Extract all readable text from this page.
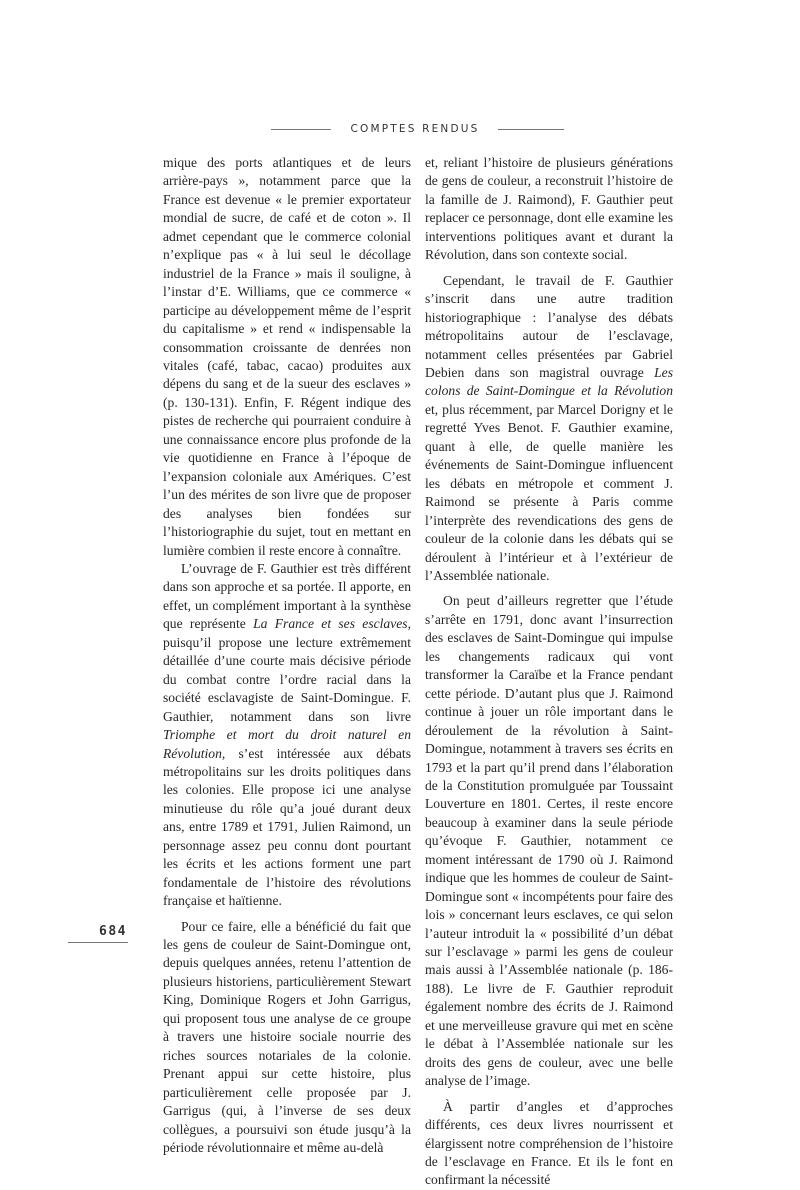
COMPTES RENDUS

mique des ports atlantiques et de leurs arrière-pays », notamment parce que la France est devenue « le premier exportateur mondial de sucre, de café et de coton ». Il admet cependant que le commerce colonial n’explique pas « à lui seul le décollage industriel de la France » mais il souligne, à l’instar d’E. Williams, que ce commerce « participe au développement même de l’esprit du capitalisme » et rend « indispensable la consommation croissante de denrées non vitales (café, tabac, cacao) produites aux dépens du sang et de la sueur des esclaves » (p. 130-131). Enfin, F. Régent indique des pistes de recherche qui pourraient conduire à une connaissance encore plus profonde de la vie quotidienne en France à l’époque de l’expansion coloniale aux Amériques. C’est l’un des mérites de son livre que de proposer des analyses bien fondées sur l’historiographie du sujet, tout en mettant en lumière combien il reste encore à connaître.

L’ouvrage de F. Gauthier est très différent dans son approche et sa portée. Il apporte, en effet, un complément important à la synthèse que représente La France et ses esclaves, puisqu’il propose une lecture extrêmement détaillée d’une courte mais décisive période du combat contre l’ordre racial dans la société esclavagiste de Saint-Domingue. F. Gauthier, notamment dans son livre Triomphe et mort du droit naturel en Révolution, s’est intéressée aux débats métropolitains sur les droits politiques dans les colonies. Elle propose ici une analyse minutieuse du rôle qu’a joué durant deux ans, entre 1789 et 1791, Julien Raimond, un personnage assez peu connu dont pourtant les écrits et les actions forment une part fondamentale de l’histoire des révolutions française et haïtienne.

Pour ce faire, elle a bénéficié du fait que les gens de couleur de Saint-Domingue ont, depuis quelques années, retenu l’attention de plusieurs historiens, particulièrement Stewart King, Dominique Rogers et John Garrigus, qui proposent tous une analyse de ce groupe à travers une histoire sociale nourrie des riches sources notariales de la colonie. Prenant appui sur cette histoire, plus particulièrement celle proposée par J. Garrigus (qui, à l’inverse de ses deux collègues, a poursuivi son étude jusqu’à la période révolutionnaire et même au-delà

et, reliant l’histoire de plusieurs générations de gens de couleur, a reconstruit l’histoire de la famille de J. Raimond), F. Gauthier peut replacer ce personnage, dont elle examine les interventions politiques avant et durant la Révolution, dans son contexte social.

Cependant, le travail de F. Gauthier s’inscrit dans une autre tradition historiographique : l’analyse des débats métropolitains autour de l’esclavage, notamment celles présentées par Gabriel Debien dans son magistral ouvrage Les colons de Saint-Domingue et la Révolution et, plus récemment, par Marcel Dorigny et le regretté Yves Benot. F. Gauthier examine, quant à elle, de quelle manière les événements de Saint-Domingue influencent les débats en métropole et comment J. Raimond se présente à Paris comme l’interprète des revendications des gens de couleur de la colonie dans les débats qui se déroulent à l’intérieur et à l’extérieur de l’Assemblée nationale.

On peut d’ailleurs regretter que l’étude s’arrête en 1791, donc avant l’insurrection des esclaves de Saint-Domingue qui impulse les changements radicaux qui vont transformer la Caraïbe et la France pendant cette période. D’autant plus que J. Raimond continue à jouer un rôle important dans le déroulement de la révolution à Saint-Domingue, notamment à travers ses écrits en 1793 et la part qu’il prend dans l’élaboration de la Constitution promulguée par Toussaint Louverture en 1801. Certes, il reste encore beaucoup à examiner dans la seule période qu’évoque F. Gauthier, notamment ce moment intéressant de 1790 où J. Raimond indique que les hommes de couleur de Saint-Domingue sont « incompétents pour faire des lois » concernant leurs esclaves, ce qui selon l’auteur introduit la « possibilité d’un débat sur l’esclavage » parmi les gens de couleur mais aussi à l’Assemblée nationale (p. 186-188). Le livre de F. Gauthier reproduit également nombre des écrits de J. Raimond et une merveilleuse gravure qui met en scène le débat à l’Assemblée nationale sur les droits des gens de couleur, avec une belle analyse de l’image.

À partir d’angles et d’approches différents, ces deux livres nourrissent et élargissent notre compréhension de l’histoire de l’esclavage en France. Et ils le font en confirmant la nécessité

684
